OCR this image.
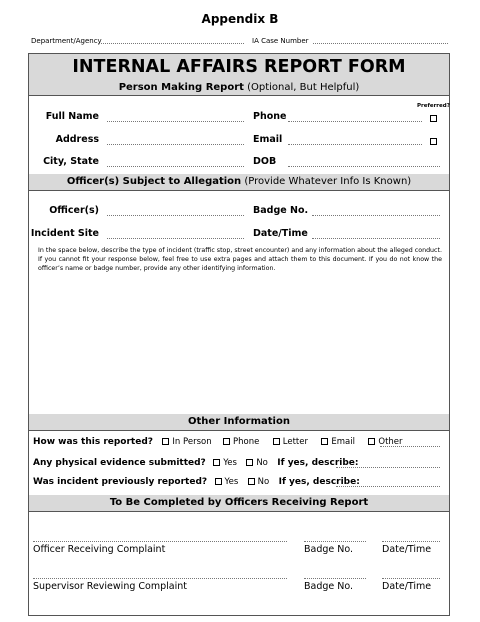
Appendix B
Department/Agency	IA Case Number
INTERNAL AFFAIRS REPORT FORM
Person Making Report (Optional, But Helpful)
Preferred?
Full Name	Phone
Address	Email
City, State	DOB
Officer(s) Subject to Allegation (Provide Whatever Info Is Known)
Officer(s)	Badge No.
Incident Site	Date/Time
In the space below, describe the type of incident (traffic stop, street encounter) and any information about the alleged conduct. If you cannot fit your response below, feel free to use extra pages and attach them to this document. If you do not know the officer’s name or badge number, provide any other identifying information.
Other Information
How was this reported? In Person	Phone	Letter	Email	Other
Any physical evidence submitted? Yes No If yes, describe:
Was incident previously reported? Yes No If yes, describe:
To Be Completed by Officers Receiving Report
Officer Receiving Complaint	Badge No.	Date/Time
Supervisor Reviewing Complaint	Badge No.	Date/Time
